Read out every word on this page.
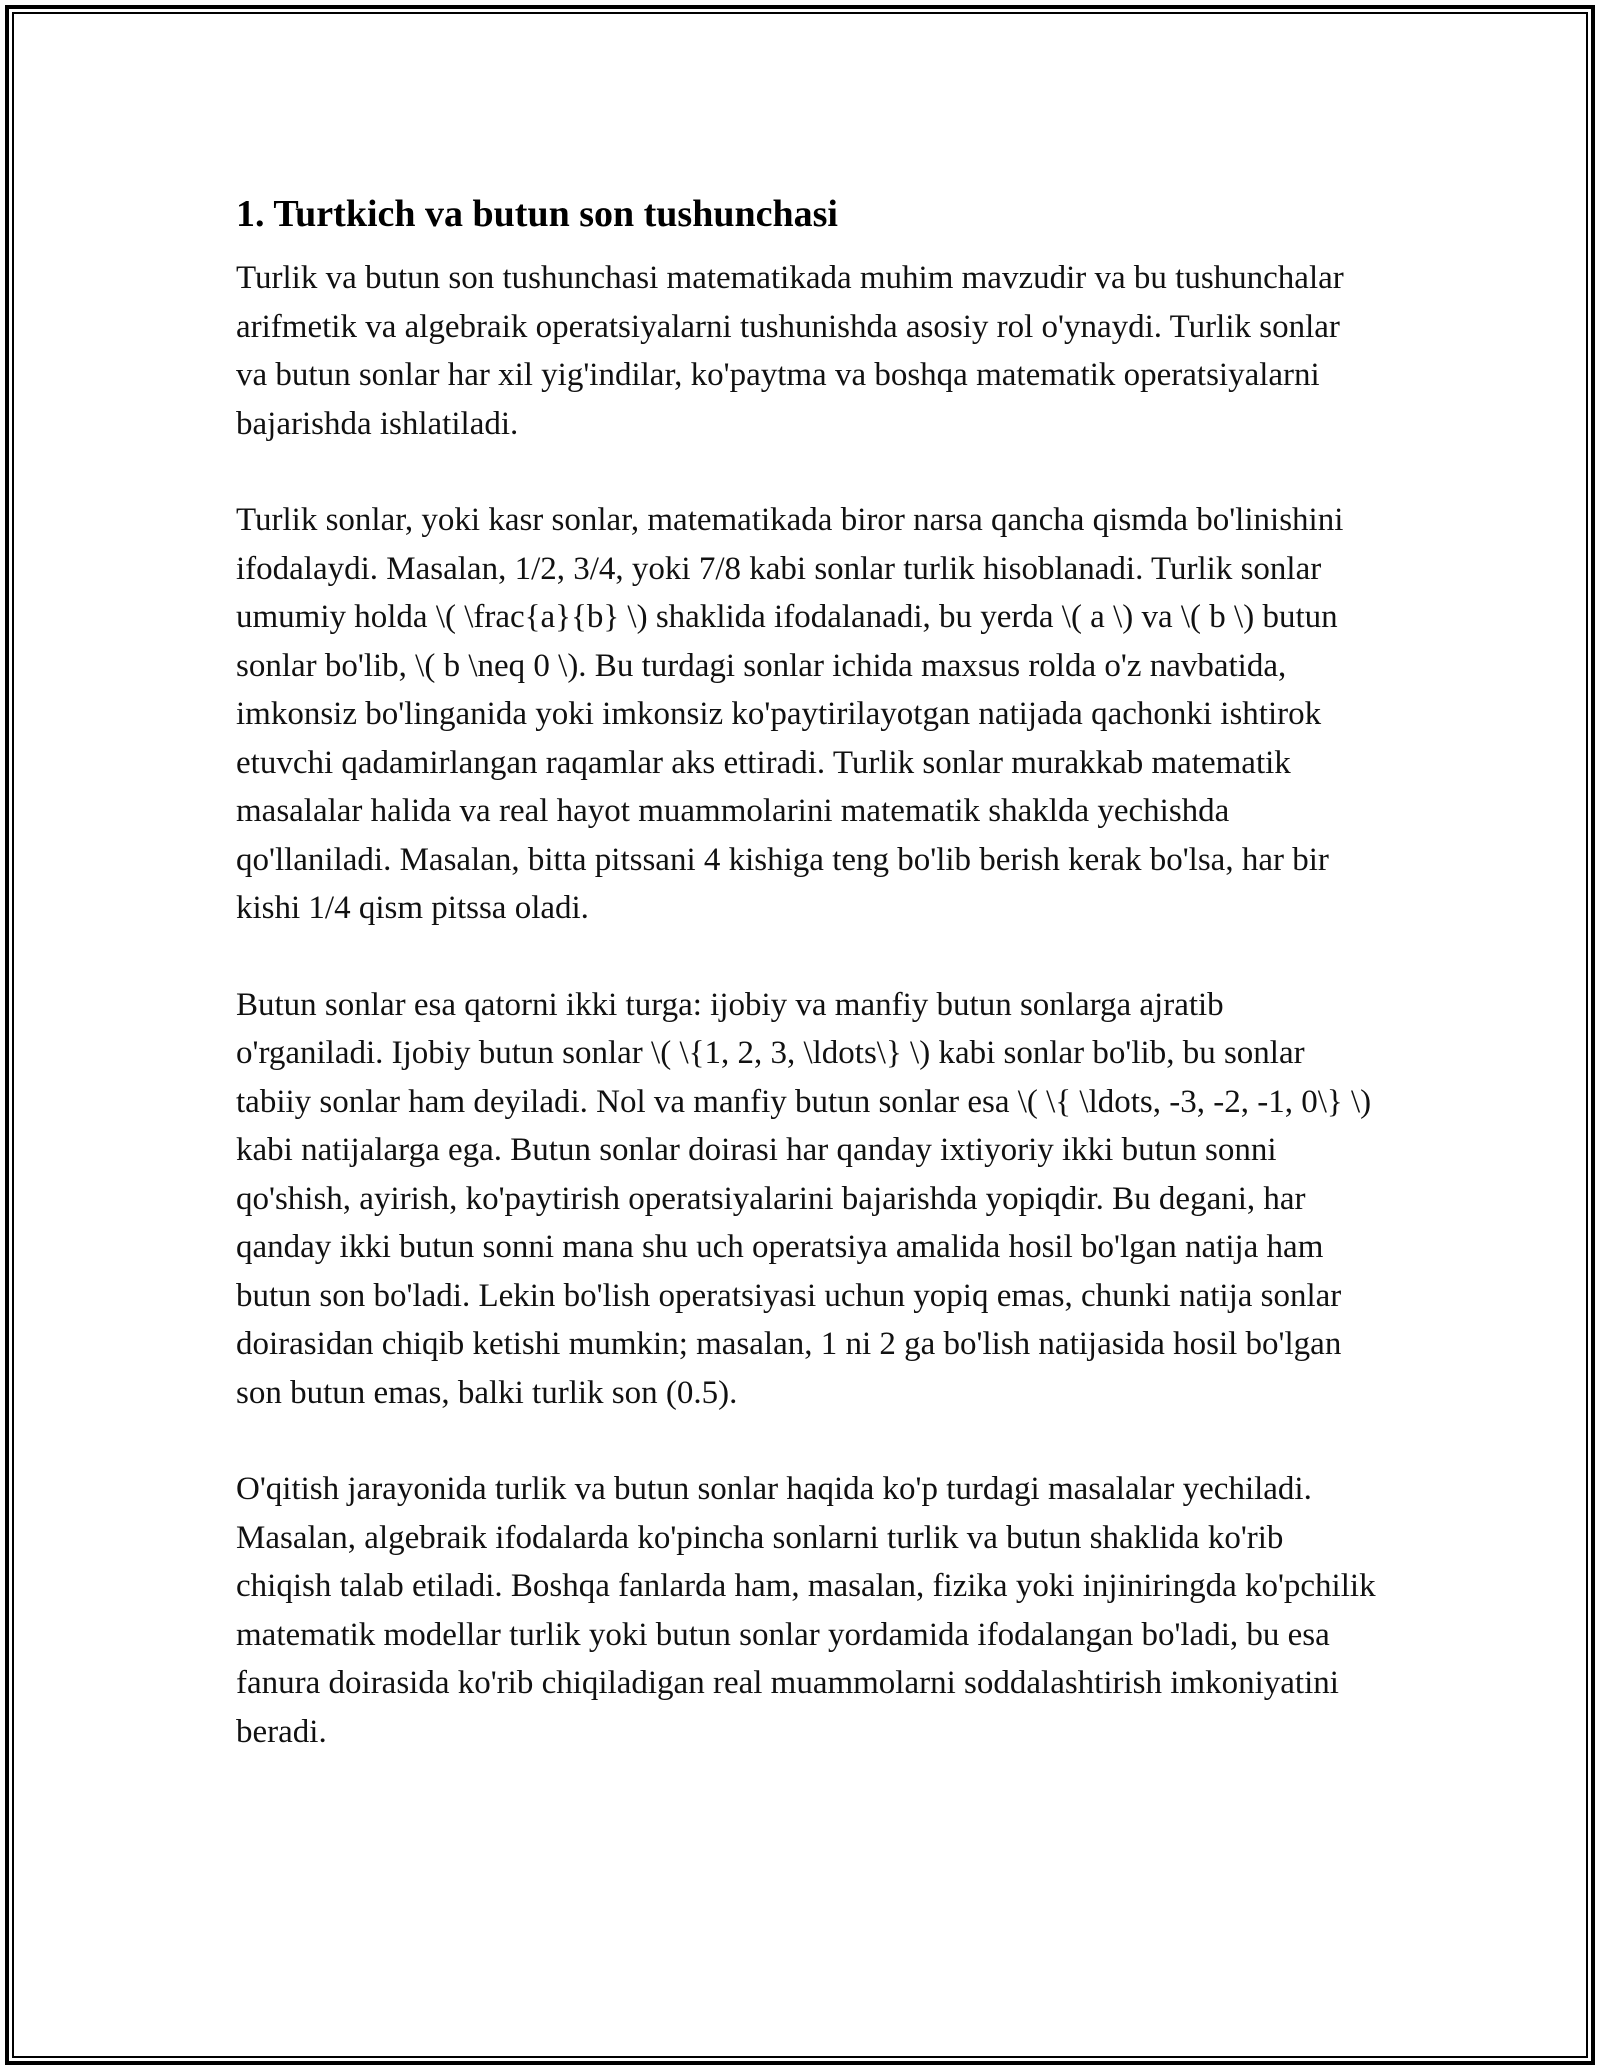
1. Turtkich va butun son tushunchasi

Turlik va butun son tushunchasi matematikada muhim mavzudir va bu tushunchalar arifmetik va algebraik operatsiyalarni tushunishda asosiy rol o'ynaydi. Turlik sonlar va butun sonlar har xil yig'indilar, ko'paytma va boshqa matematik operatsiyalarni bajarishda ishlatiladi.

Turlik sonlar, yoki kasr sonlar, matematikada biror narsa qancha qismda bo'linishini ifodalaydi. Masalan, 1/2, 3/4, yoki 7/8 kabi sonlar turlik hisoblanadi. Turlik sonlar umumiy holda \( \frac{a}{b} \) shaklida ifodalanadi, bu yerda \( a \) va \( b \) butun sonlar bo'lib, \( b \neq 0 \). Bu turdagi sonlar ichida maxsus rolda o'z navbatida, imkonsiz bo'linganida yoki imkonsiz ko'paytirilayotgan natijada qachonki ishtirok etuvchi qadamirlangan raqamlar aks ettiradi. Turlik sonlar murakkab matematik masalalar halida va real hayot muammolarini matematik shaklda yechishda qo'llaniladi. Masalan, bitta pitssani 4 kishiga teng bo'lib berish kerak bo'lsa, har bir kishi 1/4 qism pitssa oladi.

Butun sonlar esa qatorni ikki turga: ijobiy va manfiy butun sonlarga ajratib o'rganiladi. Ijobiy butun sonlar \( \{1, 2, 3, \ldots\} \) kabi sonlar bo'lib, bu sonlar tabiiy sonlar ham deyiladi. Nol va manfiy butun sonlar esa \( \{ \ldots, -3, -2, -1, 0\} \) kabi natijalarga ega. Butun sonlar doirasi har qanday ixtiyoriy ikki butun sonni qo'shish, ayirish, ko'paytirish operatsiyalarini bajarishda yopiqdir. Bu degani, har qanday ikki butun sonni mana shu uch operatsiya amalida hosil bo'lgan natija ham butun son bo'ladi. Lekin bo'lish operatsiyasi uchun yopiq emas, chunki natija sonlar doirasidan chiqib ketishi mumkin; masalan, 1 ni 2 ga bo'lish natijasida hosil bo'lgan son butun emas, balki turlik son (0.5).

O'qitish jarayonida turlik va butun sonlar haqida ko'p turdagi masalalar yechiladi. Masalan, algebraik ifodalarda ko'pincha sonlarni turlik va butun shaklida ko'rib chiqish talab etiladi. Boshqa fanlarda ham, masalan, fizika yoki injiniringda ko'pchilik matematik modellar turlik yoki butun sonlar yordamida ifodalangan bo'ladi, bu esa fanura doirasida ko'rib chiqiladigan real muammolarni soddalashtirish imkoniyatini beradi.
